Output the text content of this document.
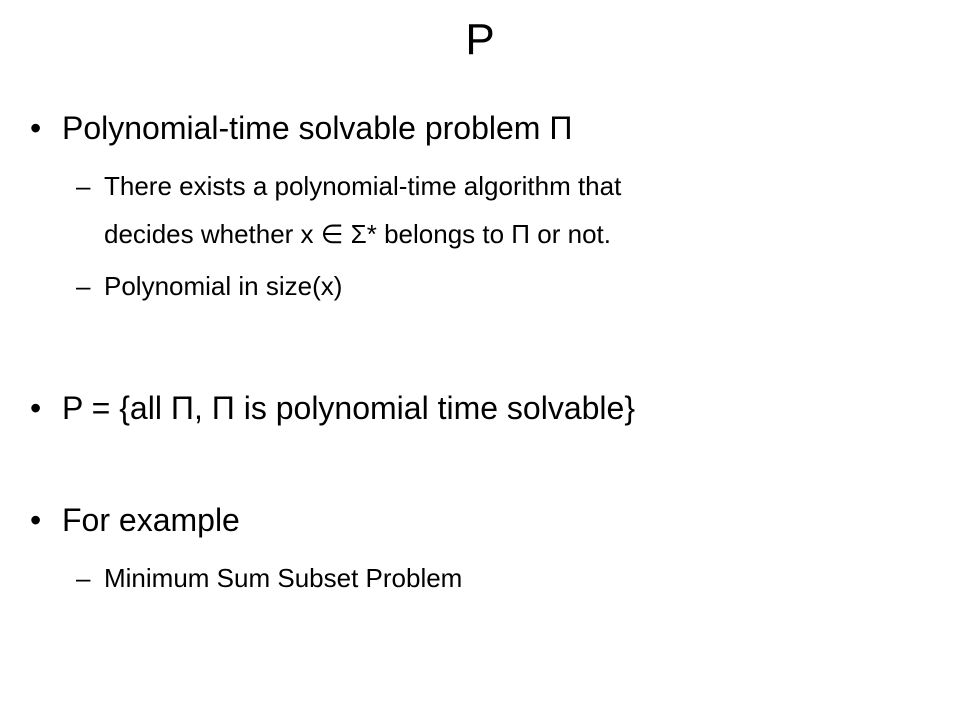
P
• Polynomial-time solvable problem Π
– There exists a polynomial-time algorithm that
decides whether x ∈ Σ* belongs to Π or not.
– Polynomial in size(x)
• P = {all Π, Π is polynomial time solvable}
• For example
– Minimum Sum Subset Problem
